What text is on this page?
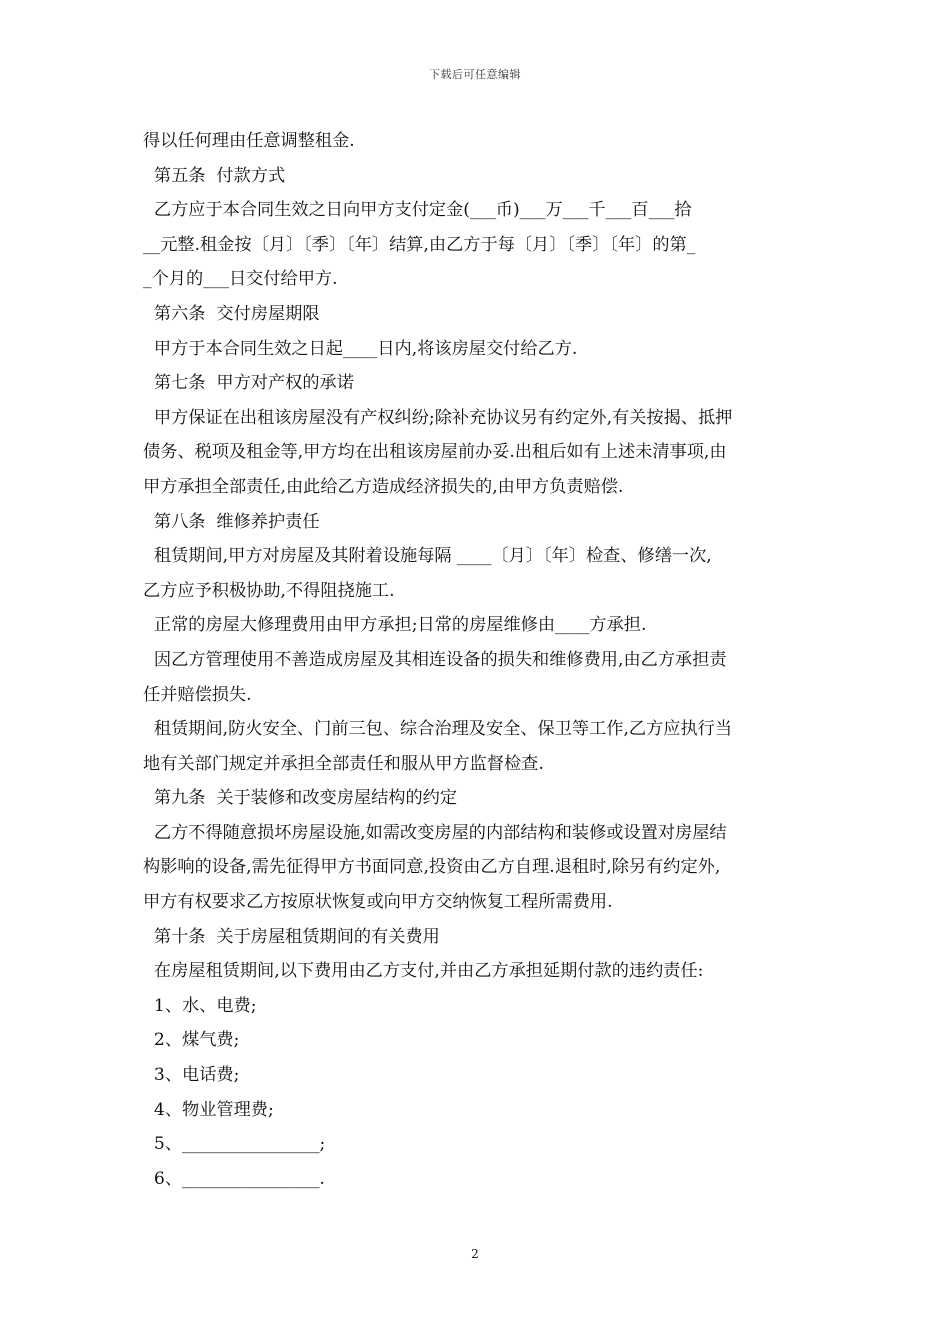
下载后可任意编辑
得以任何理由任意调整租金.
第五条  付款方式
乙方应于本合同生效之日向甲方支付定金(___币)___万___千___百___拾
__元整.租金按〔月〕〔季〕〔年〕结算,由乙方于每〔月〕〔季〕〔年〕的第_
_个月的___日交付给甲方.
第六条  交付房屋期限
甲方于本合同生效之日起____日内,将该房屋交付给乙方.
第七条  甲方对产权的承诺
甲方保证在出租该房屋没有产权纠纷;除补充协议另有约定外,有关按揭、抵押
债务、税项及租金等,甲方均在出租该房屋前办妥.出租后如有上述未清事项,由
甲方承担全部责任,由此给乙方造成经济损失的,由甲方负责赔偿.
第八条  维修养护责任
租赁期间,甲方对房屋及其附着设施每隔 ____〔月〕〔年〕检查、修缮一次,
乙方应予积极协助,不得阻挠施工.
正常的房屋大修理费用由甲方承担;日常的房屋维修由____方承担.
因乙方管理使用不善造成房屋及其相连设备的损失和维修费用,由乙方承担责
任并赔偿损失.
租赁期间,防火安全、门前三包、综合治理及安全、保卫等工作,乙方应执行当
地有关部门规定并承担全部责任和服从甲方监督检查.
第九条  关于装修和改变房屋结构的约定
乙方不得随意损坏房屋设施,如需改变房屋的内部结构和装修或设置对房屋结
构影响的设备,需先征得甲方书面同意,投资由乙方自理.退租时,除另有约定外,
甲方有权要求乙方按原状恢复或向甲方交纳恢复工程所需费用.
第十条  关于房屋租赁期间的有关费用
在房屋租赁期间,以下费用由乙方支付,并由乙方承担延期付款的违约责任:
1、水、电费;
2、煤气费;
3、电话费;
4、物业管理费;
5、________________;
6、________________.
2
